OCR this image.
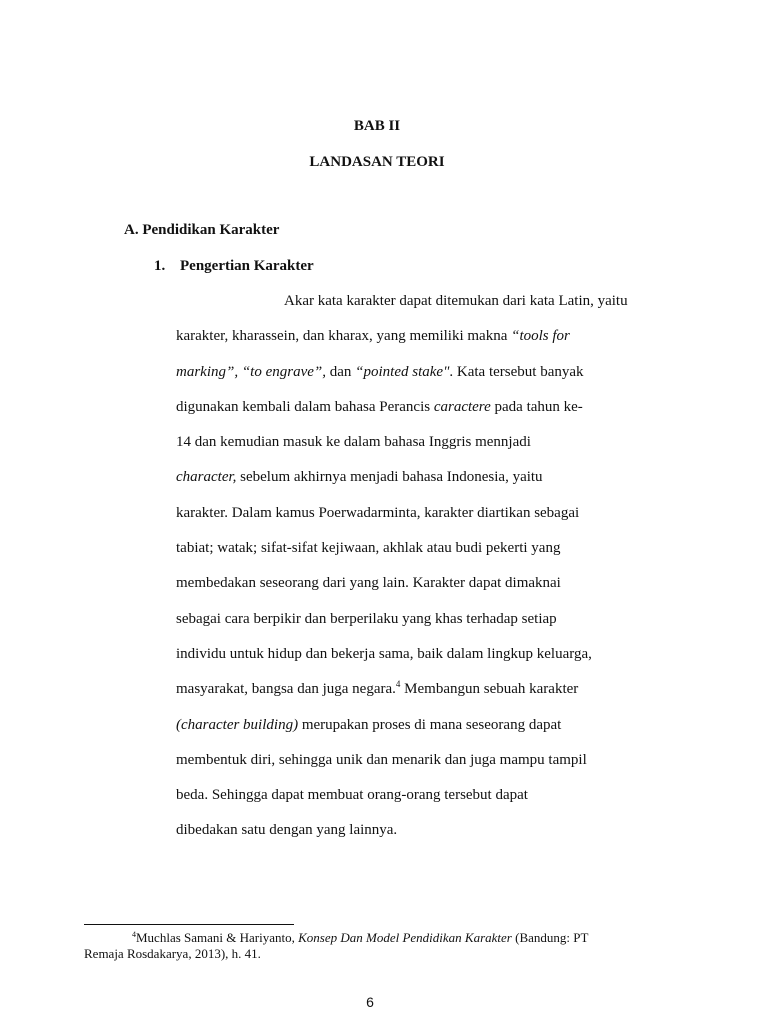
BAB II
LANDASAN TEORI
A. Pendidikan Karakter
1. Pengertian Karakter
Akar kata karakter dapat ditemukan dari kata Latin, yaitu
karakter, kharassein, dan kharax, yang memiliki makna “tools for
marking”, “to engrave”, dan “pointed stake". Kata tersebut banyak
digunakan kembali dalam bahasa Perancis caractere pada tahun ke-
14 dan kemudian masuk ke dalam bahasa Inggris mennjadi
character, sebelum akhirnya menjadi bahasa Indonesia, yaitu
karakter. Dalam kamus Poerwadarminta, karakter diartikan sebagai
tabiat; watak; sifat-sifat kejiwaan, akhlak atau budi pekerti yang
membedakan seseorang dari yang lain. Karakter dapat dimaknai
sebagai cara berpikir dan berperilaku yang khas terhadap setiap
individu untuk hidup dan bekerja sama, baik dalam lingkup keluarga,
masyarakat, bangsa dan juga negara.$^4$ Membangun sebuah karakter
(character building) merupakan proses di mana seseorang dapat
membentuk diri, sehingga unik dan menarik dan juga mampu tampil
beda. Sehingga dapat membuat orang-orang tersebut dapat
dibedakan satu dengan yang lainnya.
$^4$Muchlas Samani & Hariyanto, Konsep Dan Model Pendidikan Karakter (Bandung: PT
Remaja Rosdakarya, 2013), h. 41.

6
